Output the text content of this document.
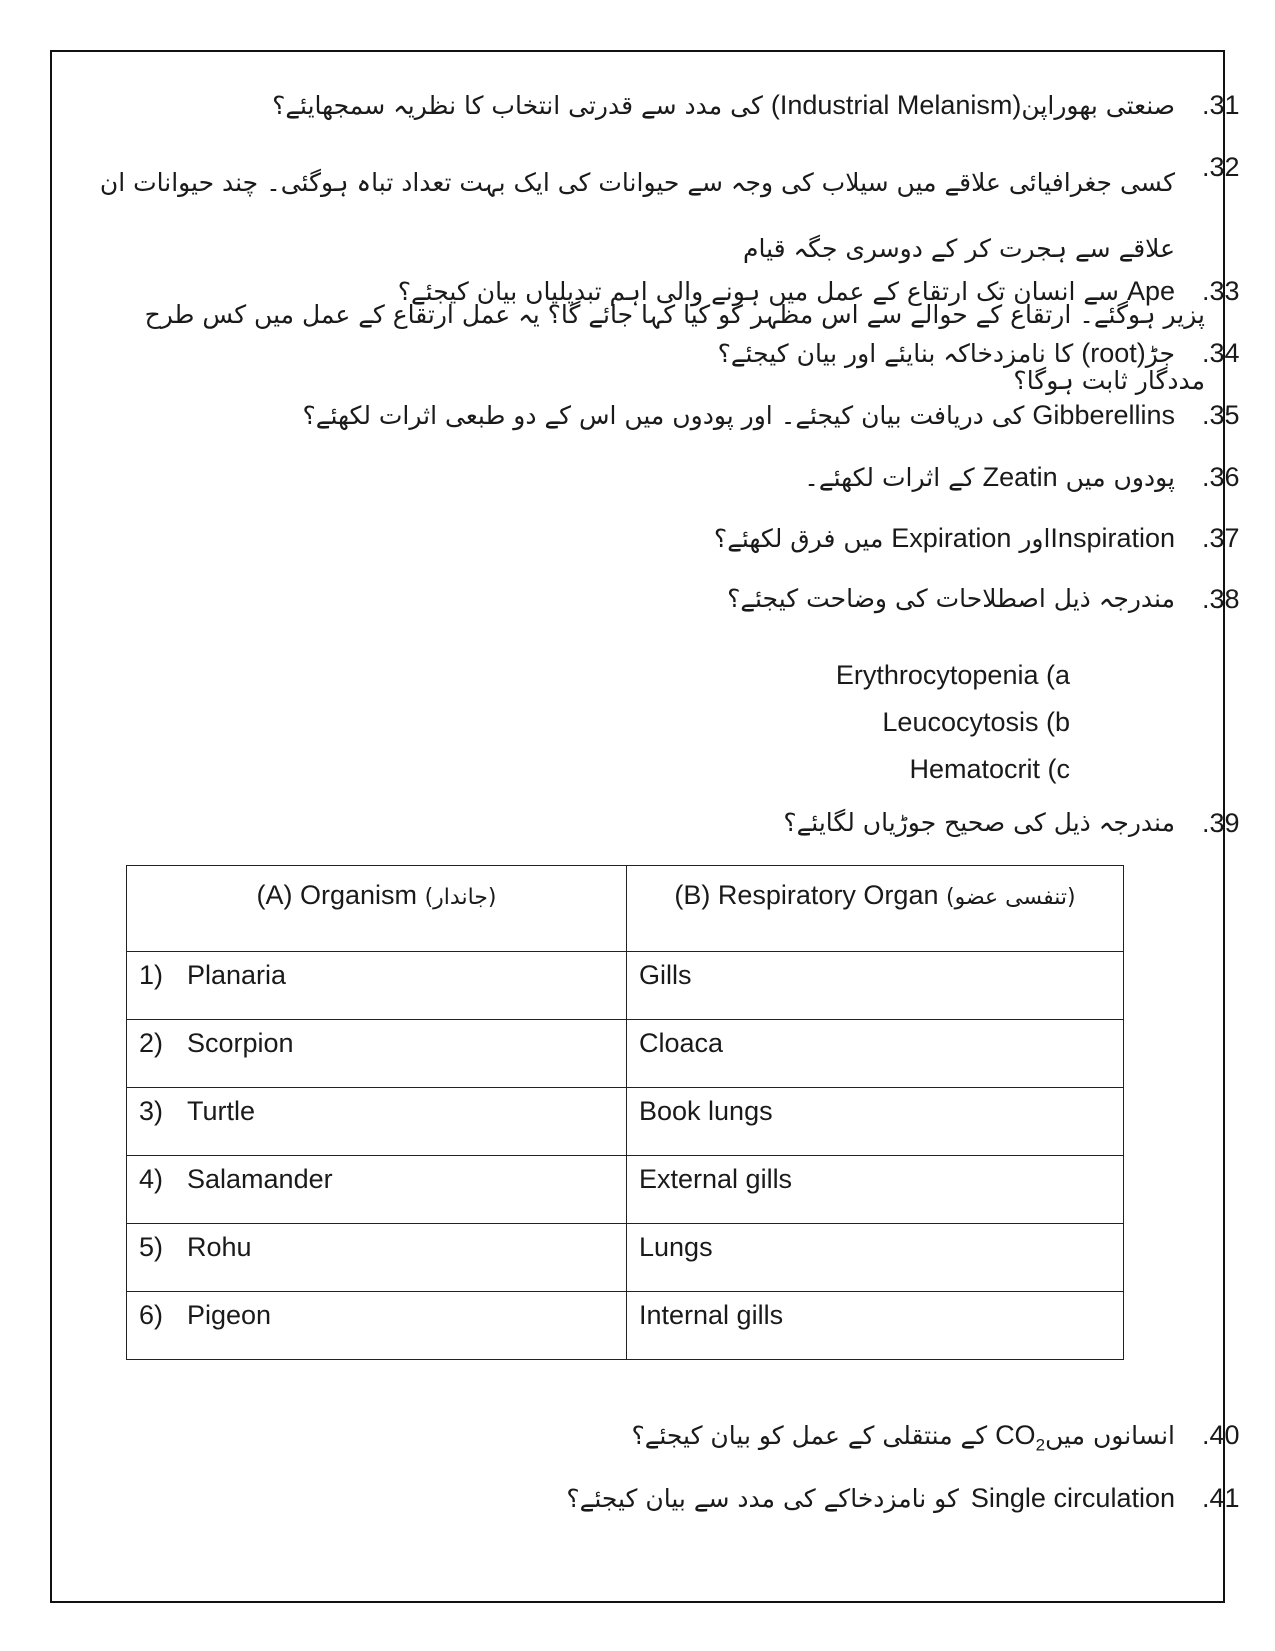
.31
صنعتی بھوراپن(Industrial Melanism) کی مدد سے قدرتی انتخاب کا نظریہ سمجھایئے؟
.32
کسی جغرافیائی علاقے میں سیلاب کی وجہ سے حیوانات کی ایک بہت تعداد تباہ ہوگئی۔ چند حیوانات ان علاقے سے ہجرت کر کے دوسری جگہ قیام
پزیر ہوگئے۔ ارتقاع کے حوالے سے اس مظہر کو کیا کہا جائے گا؟ یہ عمل ارتقاع کے عمل میں کس طرح مددگار ثابت ہوگا؟
.33
Ape سے انسان تک ارتقاع کے عمل میں ہونے والی اہم تبدیلیاں بیان کیجئے؟
.34
جڑ(root) کا نامزدخاکہ بنایئے اور بیان کیجئے؟
.35
Gibberellins کی دریافت بیان کیجئے۔ اور پودوں میں اس کے دو طبعی اثرات لکھئے؟
.36
پودوں میں Zeatin کے اثرات لکھئے۔
.37
Inspirationاور Expiration میں فرق لکھئے؟
.38
مندرجہ ذیل اصطلاحات کی وضاحت کیجئے؟
Erythrocytopenia (a
Leucocytosis (b
Hematocrit (c
.39
مندرجہ ذیل کی صحیح جوڑیاں لگایئے؟
(A) Organism (جاندار)	(B) Respiratory Organ (تنفسی عضو)
1) Planaria	Gills
2) Scorpion	Cloaca
3) Turtle	Book lungs
4) Salamander	External gills
5) Rohu	Lungs
6) Pigeon	Internal gills
.40
انسانوں میںCO$_2$ کے منتقلی کے عمل کو بیان کیجئے؟
.41
Single circulation کو نامزدخاکے کی مدد سے بیان کیجئے؟
